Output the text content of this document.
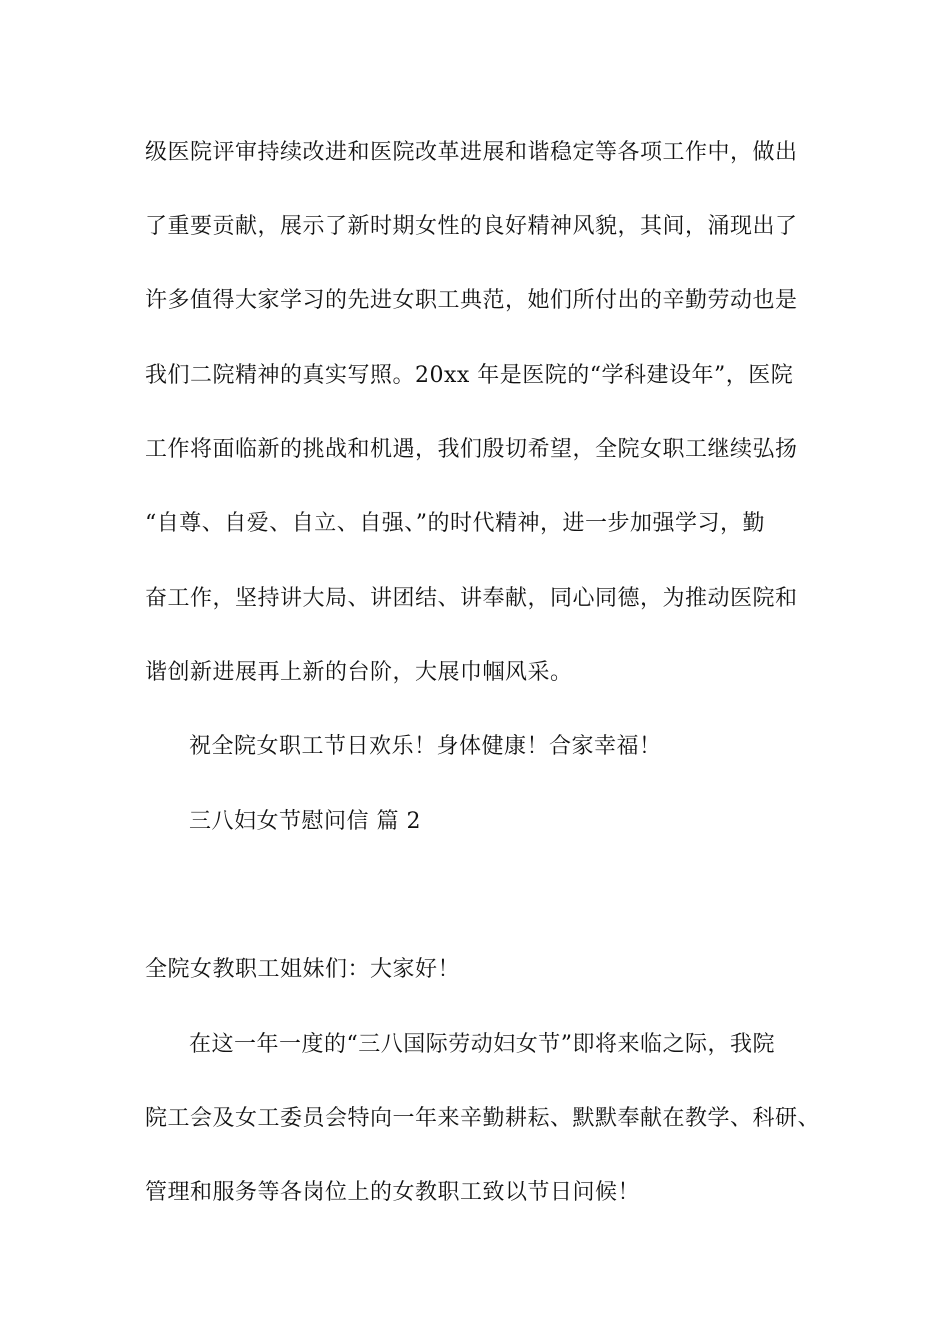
级医院评审持续改进和医院改革进展和谐稳定等各项工作中，做出
了重要贡献，展示了新时期女性的良好精神风貌，其间，涌现出了
许多值得大家学习的先进女职工典范，她们所付出的辛勤劳动也是
我们二院精神的真实写照。20xx 年是医院的“学科建设年”，医院
工作将面临新的挑战和机遇，我们殷切希望，全院女职工继续弘扬
“自尊、自爱、自立、自强、”的时代精神，进一步加强学习，勤
奋工作，坚持讲大局、讲团结、讲奉献，同心同德，为推动医院和
谐创新进展再上新的台阶，大展巾帼风采。
祝全院女职工节日欢乐！身体健康！合家幸福！
三八妇女节慰问信 篇 2
全院女教职工姐妹们：大家好！
在这一年一度的“三八国际劳动妇女节”即将来临之际，我院
院工会及女工委员会特向一年来辛勤耕耘、默默奉献在教学、科研、
管理和服务等各岗位上的女教职工致以节日问候！
